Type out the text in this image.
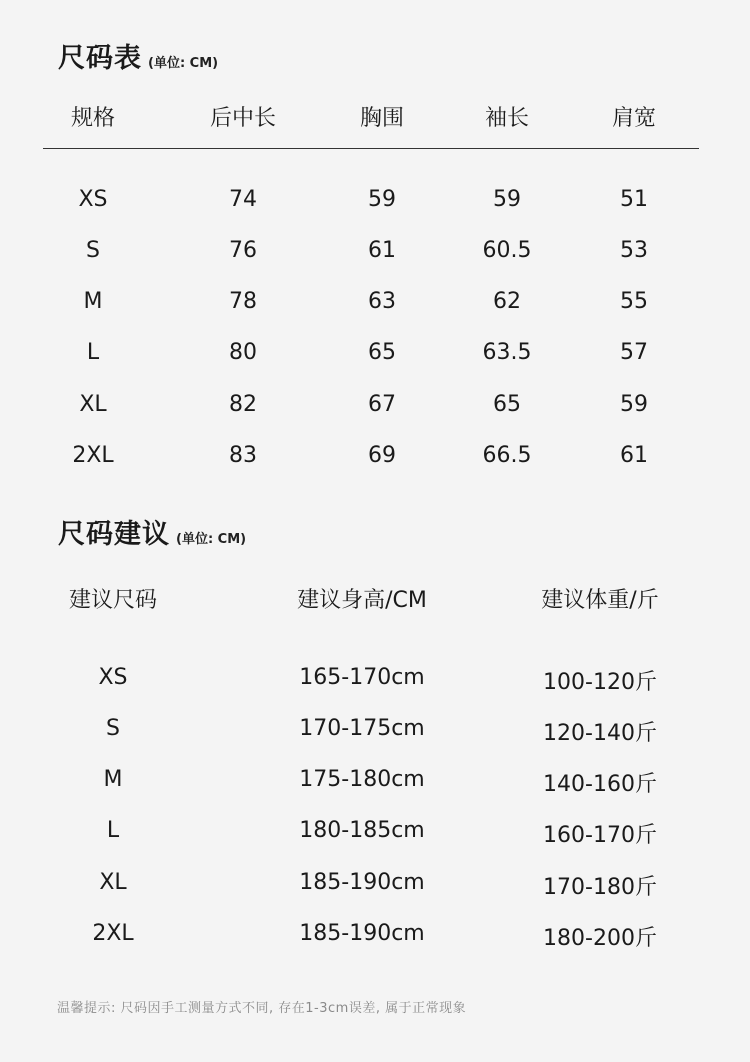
尺码表 (单位: CM)
规格	后中长	胸围	袖长	肩宽
XS	74	59	59	51
S	76	61	60.5	53
M	78	63	62	55
L	80	65	63.5	57
XL	82	67	65	59
2XL	83	69	66.5	61
尺码建议 (单位: CM)
建议尺码	建议身高/CM	建议体重/斤
XS	165-170cm	100-120斤
S	170-175cm	120-140斤
M	175-180cm	140-160斤
L	180-185cm	160-170斤
XL	185-190cm	170-180斤
2XL	185-190cm	180-200斤
温馨提示: 尺码因手工测量方式不同, 存在1-3cm误差, 属于正常现象
